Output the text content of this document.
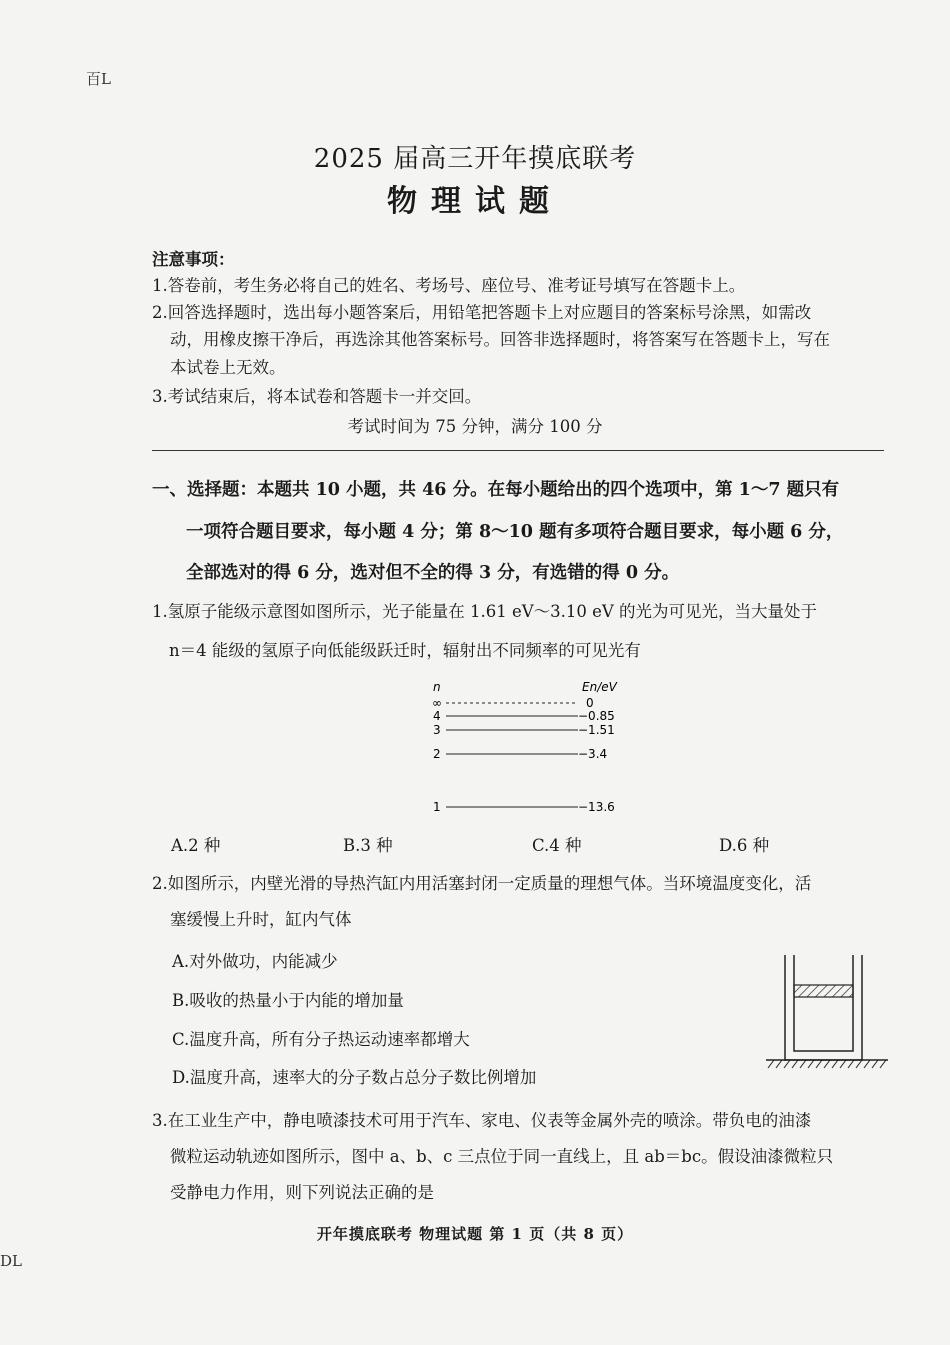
百L
DL
2025 届高三开年摸底联考
物理试题
注意事项：
1.答卷前，考生务必将自己的姓名、考场号、座位号、准考证号填写在答题卡上。
2.回答选择题时，选出每小题答案后，用铅笔把答题卡上对应题目的答案标号涂黑，如需改
动，用橡皮擦干净后，再选涂其他答案标号。回答非选择题时，将答案写在答题卡上，写在
本试卷上无效。
3.考试结束后，将本试卷和答题卡一并交回。
考试时间为 75 分钟，满分 100 分
一、选择题：本题共 10 小题，共 46 分。在每小题给出的四个选项中，第 1～7 题只有
一项符合题目要求，每小题 4 分；第 8～10 题有多项符合题目要求，每小题 6 分，
全部选对的得 6 分，选对但不全的得 3 分，有选错的得 0 分。
1.氢原子能级示意图如图所示，光子能量在 1.61 eV～3.10 eV 的光为可见光，当大量处于
n＝4 能级的氢原子向低能级跃迁时，辐射出不同频率的可见光有
n	En/eV
∞	0
4	−0.85
3	−1.51
2	−3.4
1	−13.6
A.2 种	B.3 种	C.4 种	D.6 种
2.如图所示，内壁光滑的导热汽缸内用活塞封闭一定质量的理想气体。当环境温度变化，活
塞缓慢上升时，缸内气体
A.对外做功，内能减少
B.吸收的热量小于内能的增加量
C.温度升高，所有分子热运动速率都增大
D.温度升高，速率大的分子数占总分子数比例增加
3.在工业生产中，静电喷漆技术可用于汽车、家电、仪表等金属外壳的喷涂。带负电的油漆
微粒运动轨迹如图所示，图中 a、b、c 三点位于同一直线上，且 ab＝bc。假设油漆微粒只
受静电力作用，则下列说法正确的是
开年摸底联考 物理试题 第 1 页（共 8 页）
